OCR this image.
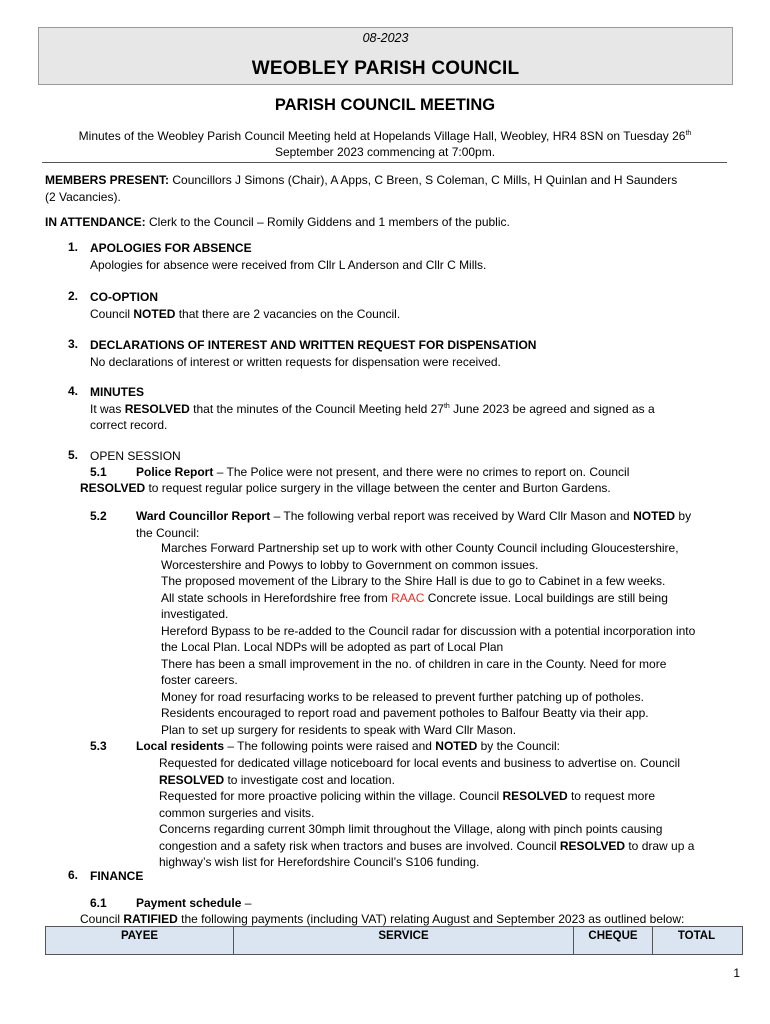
08-2023
WEOBLEY PARISH COUNCIL
PARISH COUNCIL MEETING
Minutes of the Weobley Parish Council Meeting held at Hopelands Village Hall, Weobley, HR4 8SN on Tuesday 26th
September 2023 commencing at 7:00pm.
MEMBERS PRESENT: Councillors J Simons (Chair), A Apps, C Breen, S Coleman, C Mills, H Quinlan and H Saunders
(2 Vacancies).
IN ATTENDANCE: Clerk to the Council – Romily Giddens and 1 members of the public.
1. APOLOGIES FOR ABSENCE
Apologies for absence were received from Cllr L Anderson and Cllr C Mills.
2. CO-OPTION
Council NOTED that there are 2 vacancies on the Council.
3. DECLARATIONS OF INTEREST AND WRITTEN REQUEST FOR DISPENSATION
No declarations of interest or written requests for dispensation were received.
4. MINUTES
It was RESOLVED that the minutes of the Council Meeting held 27th June 2023 be agreed and signed as a
correct record.
5. OPEN SESSION
5.1 Police Report – The Police were not present, and there were no crimes to report on. Council
RESOLVED to request regular police surgery in the village between the center and Burton Gardens.
5.2 Ward Councillor Report – The following verbal report was received by Ward Cllr Mason and NOTED by
the Council:
Marches Forward Partnership set up to work with other County Council including Gloucestershire,
Worcestershire and Powys to lobby to Government on common issues.
The proposed movement of the Library to the Shire Hall is due to go to Cabinet in a few weeks.
All state schools in Herefordshire free from RAAC Concrete issue. Local buildings are still being
investigated.
Hereford Bypass to be re-added to the Council radar for discussion with a potential incorporation into
the Local Plan. Local NDPs will be adopted as part of Local Plan
There has been a small improvement in the no. of children in care in the County. Need for more
foster careers.
Money for road resurfacing works to be released to prevent further patching up of potholes.
Residents encouraged to report road and pavement potholes to Balfour Beatty via their app.
Plan to set up surgery for residents to speak with Ward Cllr Mason.
5.3 Local residents – The following points were raised and NOTED by the Council:
Requested for dedicated village noticeboard for local events and business to advertise on. Council
RESOLVED to investigate cost and location.
Requested for more proactive policing within the village. Council RESOLVED to request more
common surgeries and visits.
Concerns regarding current 30mph limit throughout the Village, along with pinch points causing
congestion and a safety risk when tractors and buses are involved. Council RESOLVED to draw up a
highway’s wish list for Herefordshire Council’s S106 funding.
6. FINANCE
6.1 Payment schedule –
Council RATIFIED the following payments (including VAT) relating August and September 2023 as outlined below:
PAYEE	SERVICE	CHEQUE	TOTAL
1
